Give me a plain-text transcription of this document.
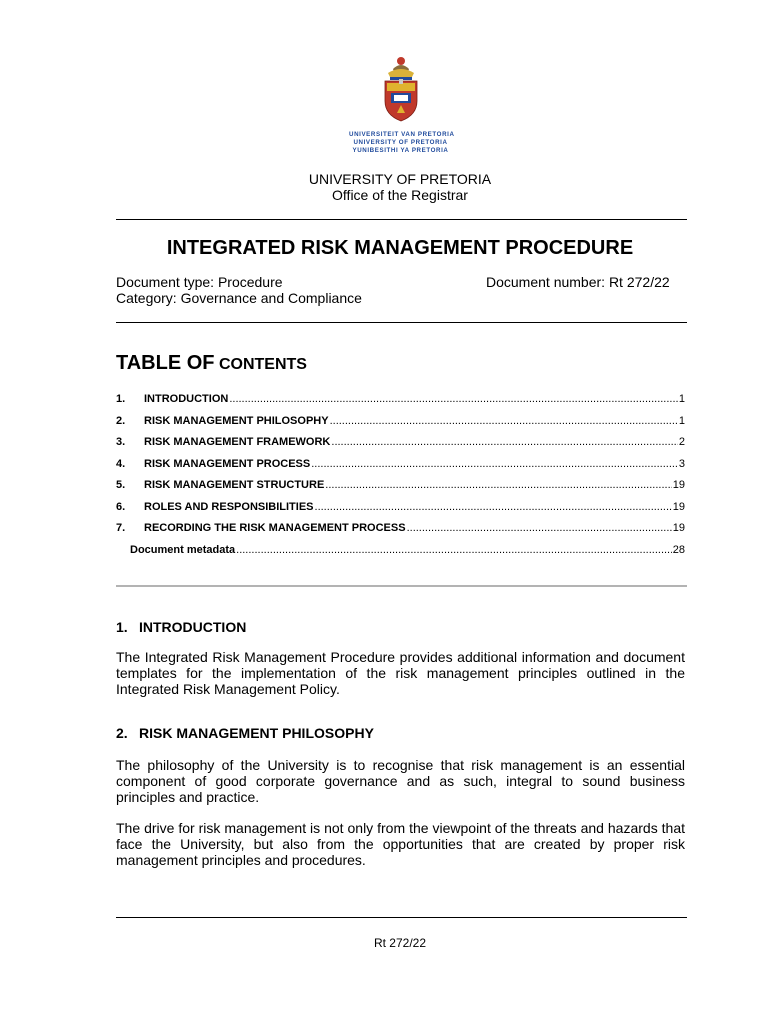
UNIVERSITEIT VAN PRETORIA
UNIVERSITY OF PRETORIA
YUNIBESITHI YA PRETORIA
UNIVERSITY OF PRETORIA
Office of the Registrar
INTEGRATED RISK MANAGEMENT PROCEDURE
Document type: Procedure
Category: Governance and Compliance
Document number: Rt 272/22
TABLE OF CONTENTS
1.	INTRODUCTION .....	1
2.	RISK MANAGEMENT PHILOSOPHY .....	1
3.	RISK MANAGEMENT FRAMEWORK .....	2
4.	RISK MANAGEMENT PROCESS .....	3
5.	RISK MANAGEMENT STRUCTURE .....	19
6.	ROLES AND RESPONSIBILITIES .....	19
7.	RECORDING THE RISK MANAGEMENT PROCESS .....	19
Document metadata .....	28
1. INTRODUCTION
The Integrated Risk Management Procedure provides additional information and document templates for the implementation of the risk management principles outlined in the Integrated Risk Management Policy.
2. RISK MANAGEMENT PHILOSOPHY
The philosophy of the University is to recognise that risk management is an essential component of good corporate governance and as such, integral to sound business principles and practice.
The drive for risk management is not only from the viewpoint of the threats and hazards that face the University, but also from the opportunities that are created by proper risk management principles and procedures.
Rt 272/22
